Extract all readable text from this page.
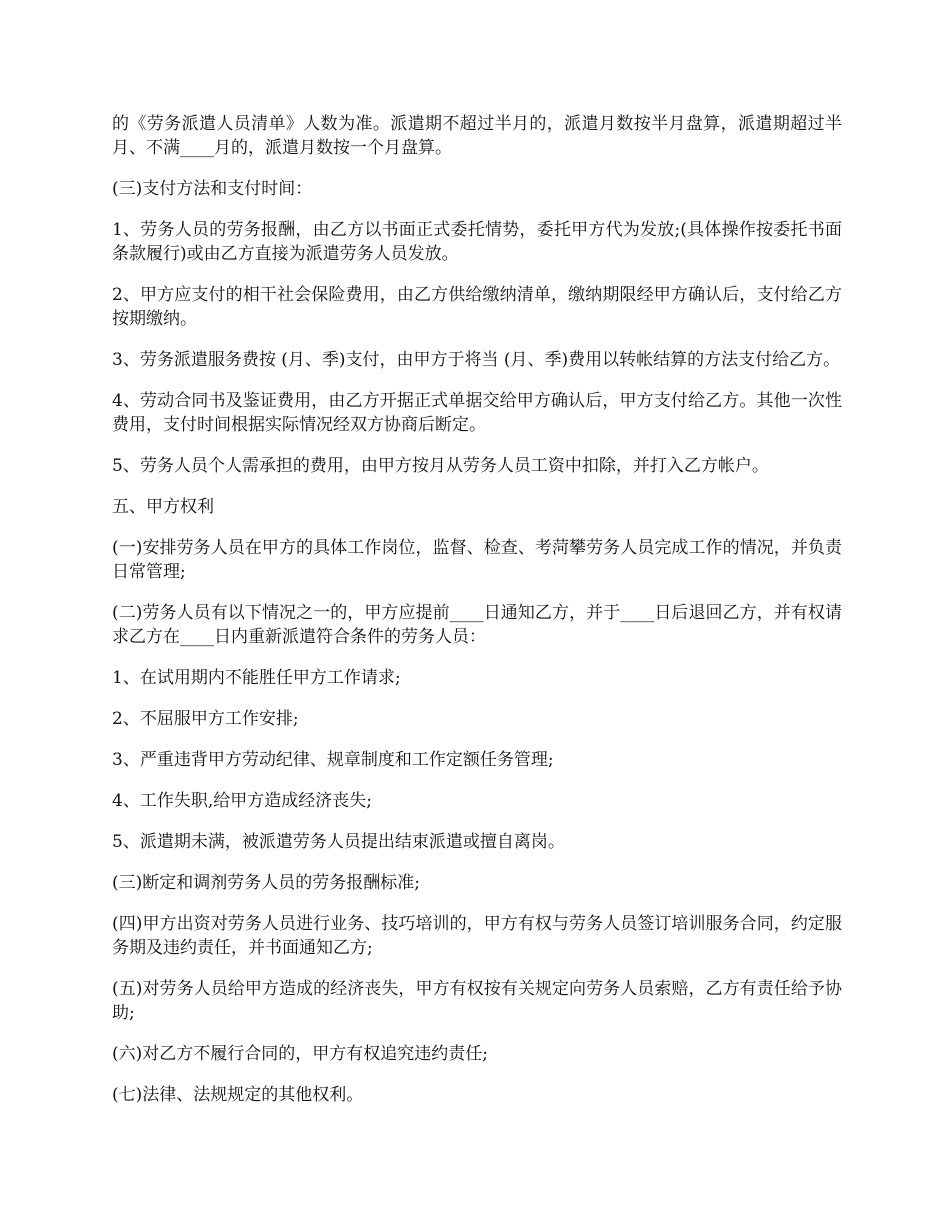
的《劳务派遣人员清单》人数为准。派遣期不超过半月的，派遣月数按半月盘算，派遣期超过半月、不满____月的，派遣月数按一个月盘算。

(三)支付方法和支付时间：

1、劳务人员的劳务报酬，由乙方以书面正式委托情势，委托甲方代为发放;(具体操作按委托书面条款履行)或由乙方直接为派遣劳务人员发放。

2、甲方应支付的相干社会保险费用，由乙方供给缴纳清单，缴纳期限经甲方确认后，支付给乙方按期缴纳。

3、劳务派遣服务费按 (月、季)支付，由甲方于将当 (月、季)费用以转帐结算的方法支付给乙方。

4、劳动合同书及鉴证费用，由乙方开据正式单据交给甲方确认后，甲方支付给乙方。其他一次性费用，支付时间根据实际情况经双方协商后断定。

5、劳务人员个人需承担的费用，由甲方按月从劳务人员工资中扣除，并打入乙方帐户。

五、甲方权利

(一)安排劳务人员在甲方的具体工作岗位，监督、检查、考菏攀劳务人员完成工作的情况，并负责日常管理;

(二)劳务人员有以下情况之一的，甲方应提前____日通知乙方，并于____日后退回乙方，并有权请求乙方在____日内重新派遣符合条件的劳务人员：

1、在试用期内不能胜任甲方工作请求;

2、不屈服甲方工作安排;

3、严重违背甲方劳动纪律、规章制度和工作定额任务管理;

4、工作失职,给甲方造成经济丧失;

5、派遣期未满，被派遣劳务人员提出结束派遣或擅自离岗。

(三)断定和调剂劳务人员的劳务报酬标准;

(四)甲方出资对劳务人员进行业务、技巧培训的，甲方有权与劳务人员签订培训服务合同，约定服务期及违约责任，并书面通知乙方;

(五)对劳务人员给甲方造成的经济丧失，甲方有权按有关规定向劳务人员索赔，乙方有责任给予协助;

(六)对乙方不履行合同的，甲方有权追究违约责任;

(七)法律、法规规定的其他权利。
